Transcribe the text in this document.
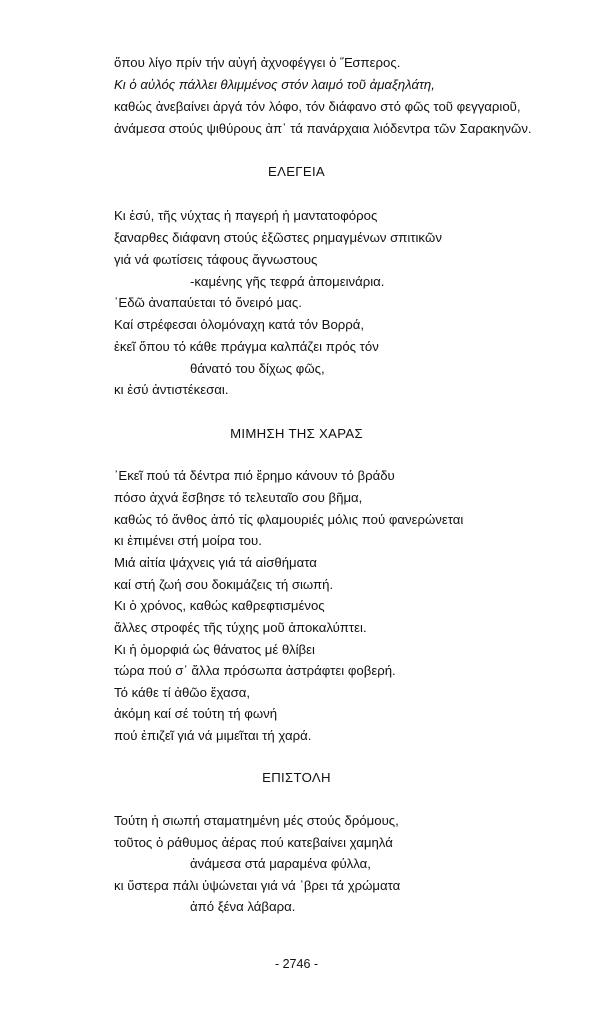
ὅπου λίγο πρίν τήν αὐγή ἀχνοφέγγει ὁ Ἕσπερος.
Κι ὁ αὐλός πάλλει θλιμμένος στόν λαιμό τοῦ ἀμαξηλάτη,
καθώς ἀνεβαίνει ἀργά τόν λόφο, τόν διάφανο στό φῶς τοῦ φεγγαριοῦ,
ἀνάμεσα στούς ψιθύρους ἀπ᾿ τά πανάρχαια λιόδεντρα τῶν Σαρακηνῶν.
ΕΛΕΓΕΙΑ
Κι ἐσύ, τῆς νύχτας ἡ παγερή ἡ μαντατοφόρος
ξαναρθες διάφανη στούς ἐξῶστες ρημαγμένων σπιτικῶν
γιά νά φωτίσεις τάφους ἄγνωστους
-καμένης γῆς τεφρά ἀπομεινάρια.
᾿Εδῶ ἀναπαύεται τό ὄνειρό μας.
Καί στρέφεσαι ὁλομόναχη κατά τόν Βορρά,
ἐκεῖ ὅπου τό κάθε πράγμα καλπάζει πρός τόν
θάνατό του δίχως φῶς,
κι ἐσύ ἀντιστέκεσαι.
ΜΙΜΗΣΗ ΤΗΣ ΧΑΡΑΣ
᾿Εκεῖ πού τά δέντρα πιό ἔρημο κάνουν τό βράδυ
πόσο ἀχνά ἔσβησε τό τελευταῖο σου βῆμα,
καθώς τό ἄνθος ἀπό τίς φλαμουριές μόλις πού φανερώνεται
κι ἐπιμένει στή μοίρα του.
Μιά αἰτία ψάχνεις γιά τά αἰσθήματα
καί στή ζωή σου δοκιμάζεις τή σιωπή.
Κι ὁ χρόνος, καθώς καθρεφτισμένος
ἄλλες στροφές τῆς τύχης μοῦ ἀποκαλύπτει.
Κι ἡ ὀμορφιά ὡς θάνατος μέ θλίβει
τώρα πού σ᾿ ἄλλα πρόσωπα ἀστράφτει φοβερή.
Τό κάθε τί ἀθῶο ἔχασα,
ἀκόμη καί σέ τούτη τή φωνή
πού ἐπιζεῖ γιά νά μιμεῖται τή χαρά.
ΕΠΙΣΤΟΛΗ
Τούτη ἡ σιωπή σταματημένη μές στούς δρόμους,
τοῦτος ὁ ράθυμος ἀέρας πού κατεβαίνει χαμηλά
ἀνάμεσα στά μαραμένα φύλλα,
κι ὕστερα πάλι ὑψώνεται γιά νά ᾿βρει τά χρώματα
ἀπό ξένα λάβαρα.
- 2746 -
